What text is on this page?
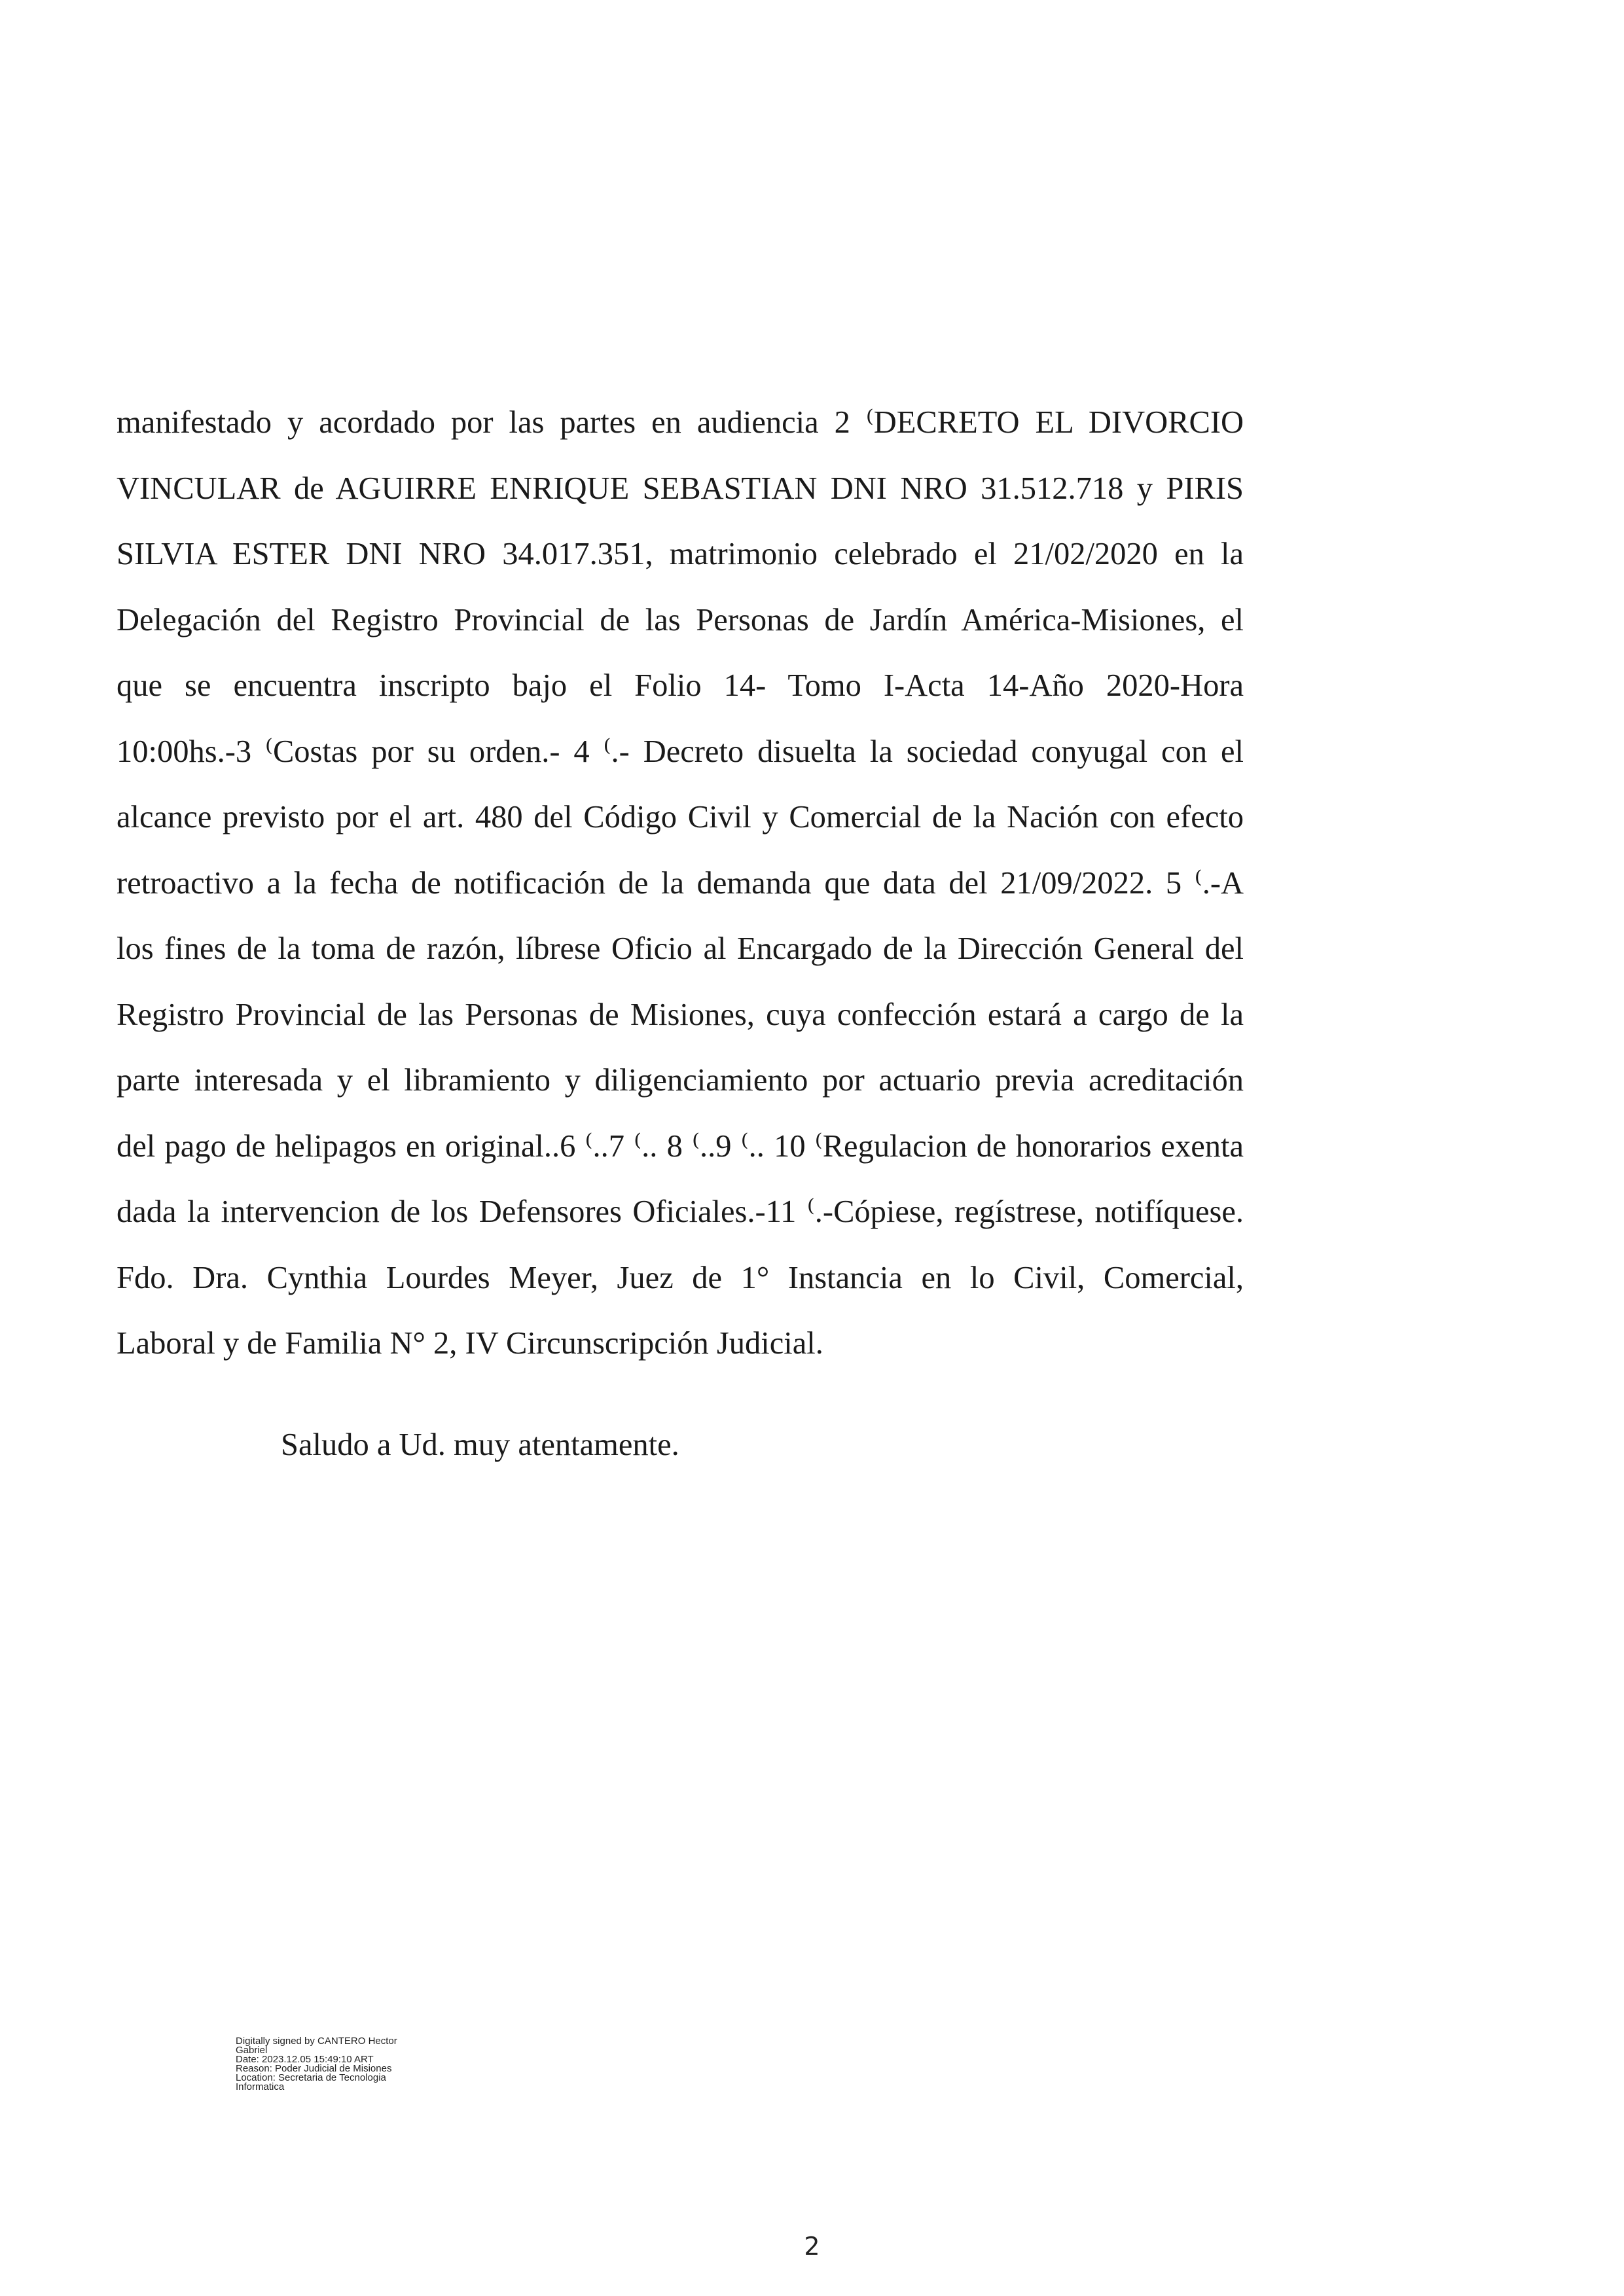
manifestado y acordado por las partes en audiencia 2 ⁽DECRETO EL DIVORCIO
VINCULAR de AGUIRRE ENRIQUE SEBASTIAN DNI NRO 31.512.718 y PIRIS
SILVIA ESTER DNI NRO 34.017.351, matrimonio celebrado el 21/02/2020 en la
Delegación del Registro Provincial de las Personas de Jardín América-Misiones, el
que se encuentra inscripto bajo el Folio 14- Tomo I-Acta 14-Año 2020-Hora
10:00hs.-3 ⁽Costas por su orden.- 4 ⁽.- Decreto disuelta la sociedad conyugal con el
alcance previsto por el art. 480 del Código Civil y Comercial de la Nación con efecto
retroactivo a la fecha de notificación de la demanda que data del 21/09/2022. 5 ⁽.-A
los fines de la toma de razón, líbrese Oficio al Encargado de la Dirección General del
Registro Provincial de las Personas de Misiones, cuya confección estará a cargo de la
parte interesada y el libramiento y diligenciamiento por actuario previa acreditación
del pago de helipagos en original..6 ⁽..7 ⁽.. 8 ⁽..9 ⁽.. 10 ⁽Regulacion de honorarios exenta
dada la intervencion de los Defensores Oficiales.-11 ⁽.-Cópiese, regístrese, notifíquese.
Fdo. Dra. Cynthia Lourdes Meyer, Juez de 1° Instancia en lo Civil, Comercial,
Laboral y de Familia N° 2, IV Circunscripción Judicial.
Saludo a Ud. muy atentamente.
Digitally signed by CANTERO Hector
Gabriel
Date: 2023.12.05 15:49:10 ART
Reason: Poder Judicial de Misiones
Location: Secretaria de Tecnologia
Informatica
2
